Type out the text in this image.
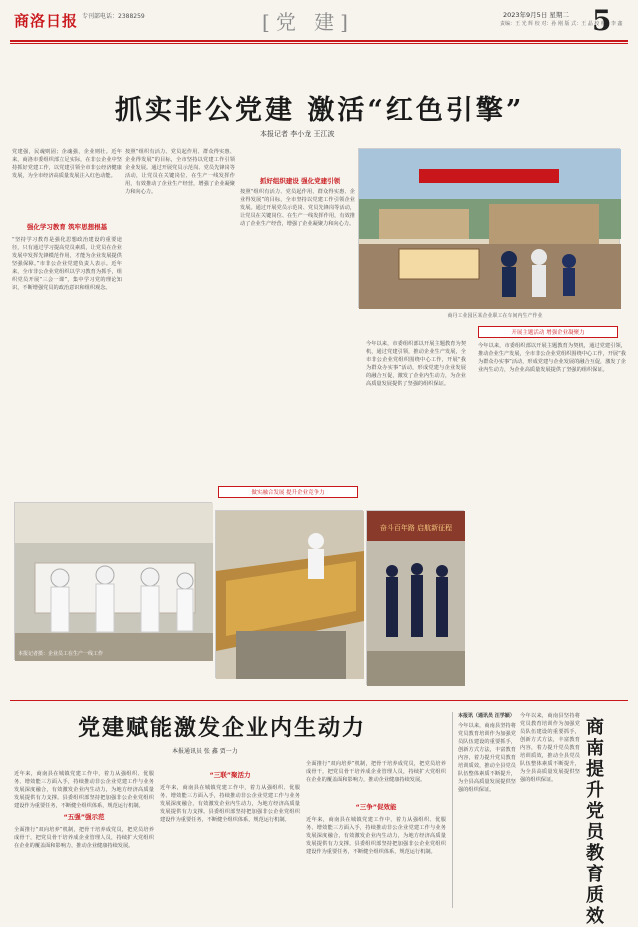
商洛日报 专刊部电话：2388259	[党 建]	2023年9月5日 星期二
责编：王 光 辉 校 对：孙 刚 版 式：王 晶 校 检：李 鑫
5
抓实非公党建 激活“红色引擎”
本报记者 李小龙 王江波
商丹工业园区某企业职工在车间内生产作业
党建强，民魂则固；企魂强，企业则壮。近年来，商洛市委组织部立足实际，在非公企业中坚持抓好党建工作，以党建引领全市非公经济健康发展，为全市经济高质量发展注入红色动能。
强化学习教育 筑牢思想根基
“坚持学习教育是强化思想政治建设的重要途径，只有通过学习提高党员素质，让党员在企业发展中发挥先锋模范作用，才能为企业发展提供坚强保障。”市非公企业党建负责人表示。近年来，全市非公企业党组织以学习教育为抓手，组织党员开展“三会一课”，集中学习党的理论知识，不断增强党员的政治意识和组织观念。
按照“组织有活力、党员起作用、群众得实惠、企业得发展”的目标，全市坚持以党建工作引领企业发展。通过开展党员示范岗、党员先锋岗等活动，让党员在关键岗位、在生产一线发挥作用，有效推动了企业生产经营，增强了企业凝聚力和向心力。
抓好组织建设 强化党建引领
按照“组织有活力、党员起作用、群众得实惠、企业得发展”的目标，全市坚持以党建工作引领企业发展。通过开展党员示范岗、党员先锋岗等活动，让党员在关键岗位、在生产一线发挥作用，有效推动了企业生产经营，增强了企业凝聚力和向心力。
本报记者摄：企业员工在生产一线工作
做实融合发展 提升企业竞争力
奋斗百年路 启航新征程
开展主题活动 增强企业凝聚力
今年以来，市委组织部以开展主题教育为契机，通过党建引领，推动企业生产发展，全市非公企业党组织围绕中心工作，开展“我为群众办实事”活动，形成党建与企业发展的融合互促，激发了企业内生动力，为企业高质量发展提供了坚强的组织保证。
今年以来，市委组织部以开展主题教育为契机，通过党建引领，推动企业生产发展，全市非公企业党组织围绕中心工作，开展“我为群众办实事”活动，形成党建与企业发展的融合互促，激发了企业内生动力，为企业高质量发展提供了坚强的组织保证。
党建赋能激发企业内生动力
本报通讯员 张 鑫 贾一力
近年来，商南县在城镇党建工作中，着力从强组织、优服务、增效能三方面入手，持续推动非公企业党建工作与业务发展深度融合，有效激发企业内生动力，为地方经济高质量发展提供有力支撑。县委组织部坚持把加强非公企业党组织建设作为重要任务，不断健全组织体系，规范运行机制。
“五强”强示范
全面推行“双向培养”机制，把骨干培养成党员，把党员培养成骨干，把党员骨干培养成企业管理人员，持续扩大党组织在企业的覆盖面和影响力，推动企业健康持续发展。
“三联”聚活力
近年来，商南县在城镇党建工作中，着力从强组织、优服务、增效能三方面入手，持续推动非公企业党建工作与业务发展深度融合，有效激发企业内生动力，为地方经济高质量发展提供有力支撑。县委组织部坚持把加强非公企业党组织建设作为重要任务，不断健全组织体系，规范运行机制。
全面推行“双向培养”机制，把骨干培养成党员，把党员培养成骨干，把党员骨干培养成企业管理人员，持续扩大党组织在企业的覆盖面和影响力，推动企业健康持续发展。
“三争”促效能
近年来，商南县在城镇党建工作中，着力从强组织、优服务、增效能三方面入手，持续推动非公企业党建工作与业务发展深度融合，有效激发企业内生动力，为地方经济高质量发展提供有力支撑。县委组织部坚持把加强非公企业党组织建设作为重要任务，不断健全组织体系，规范运行机制。
本报讯（通讯员 汪学颖）
今年以来，商南县坚持将党员教育培训作为加强党员队伍建设的重要抓手，创新方式方法，丰富教育内容，着力提升党员教育培训质效，推动全县党员队伍整体素质不断提升，为全县高质量发展提供坚强的组织保证。
今年以来，商南县坚持将党员教育培训作为加强党员队伍建设的重要抓手，创新方式方法，丰富教育内容，着力提升党员教育培训质效，推动全县党员队伍整体素质不断提升，为全县高质量发展提供坚强的组织保证。
商南提升党员教育质效
